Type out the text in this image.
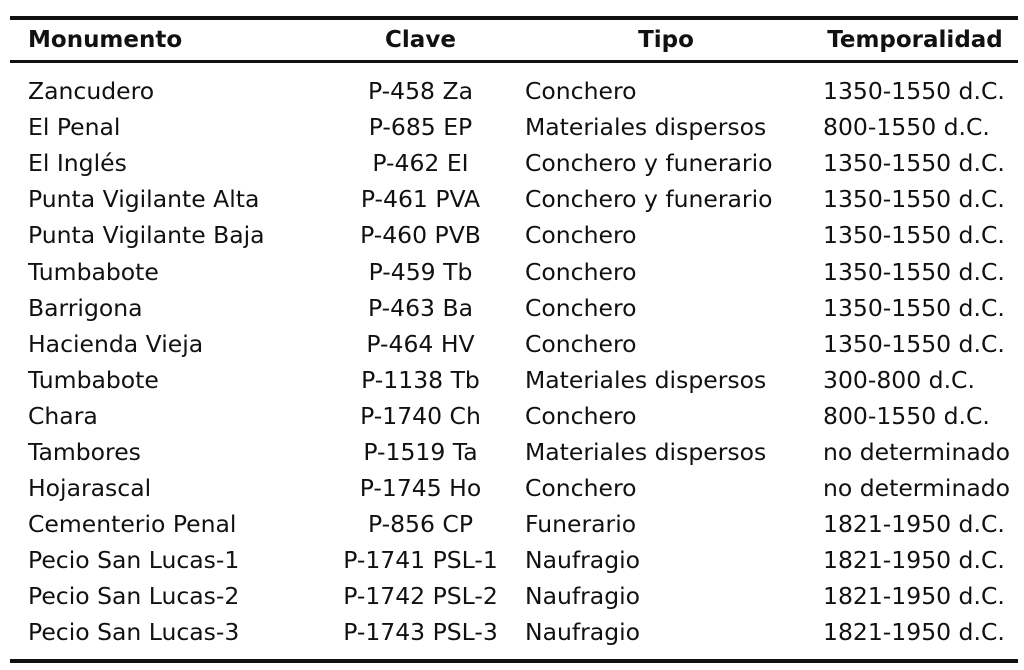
Monumento	Clave	Tipo	Temporalidad
Zancudero	P-458 Za	Conchero	1350-1550 d.C.
El Penal	P-685 EP	Materiales dispersos	800-1550 d.C.
El Inglés	P-462 EI	Conchero y funerario	1350-1550 d.C.
Punta Vigilante Alta	P-461 PVA	Conchero y funerario	1350-1550 d.C.
Punta Vigilante Baja	P-460 PVB	Conchero	1350-1550 d.C.
Tumbabote	P-459 Tb	Conchero	1350-1550 d.C.
Barrigona	P-463 Ba	Conchero	1350-1550 d.C.
Hacienda Vieja	P-464 HV	Conchero	1350-1550 d.C.
Tumbabote	P-1138 Tb	Materiales dispersos	300-800 d.C.
Chara	P-1740 Ch	Conchero	800-1550 d.C.
Tambores	P-1519 Ta	Materiales dispersos	no determinado
Hojarascal	P-1745 Ho	Conchero	no determinado
Cementerio Penal	P-856 CP	Funerario	1821-1950 d.C.
Pecio San Lucas-1	P-1741 PSL-1	Naufragio	1821-1950 d.C.
Pecio San Lucas-2	P-1742 PSL-2	Naufragio	1821-1950 d.C.
Pecio San Lucas-3	P-1743 PSL-3	Naufragio	1821-1950 d.C.
